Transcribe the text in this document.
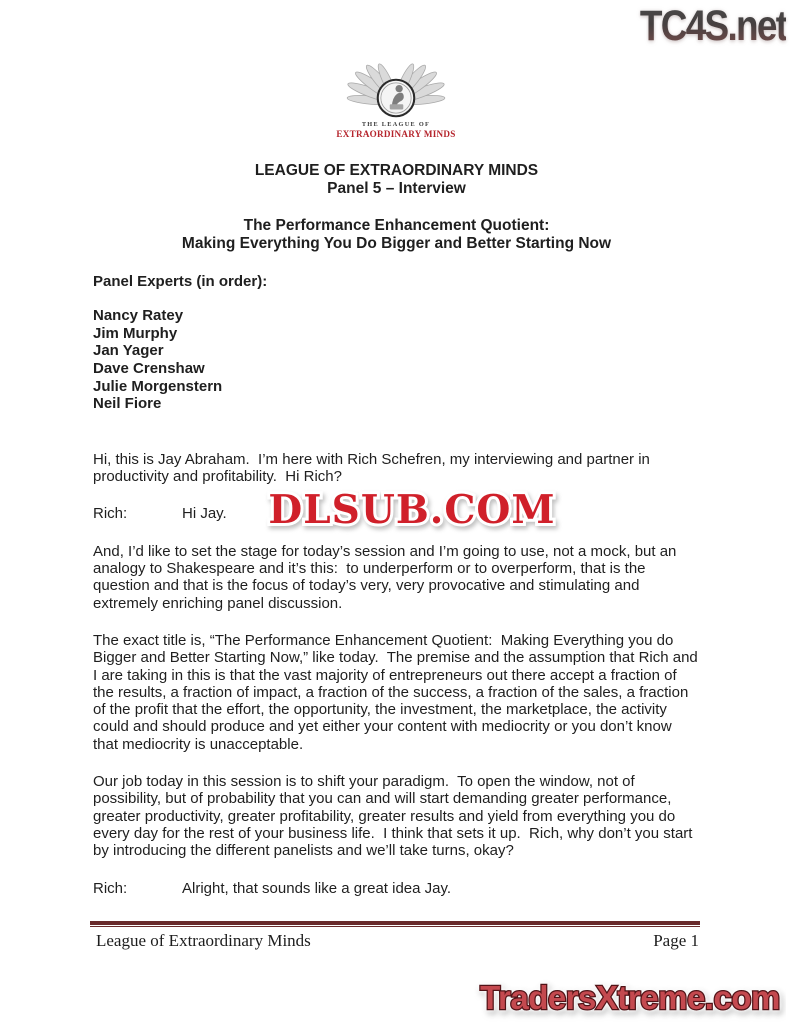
TC4S.net
THE LEAGUE OF
EXTRAORDINARY MINDS
LEAGUE OF EXTRAORDINARY MINDS
Panel 5 – Interview
The Performance Enhancement Quotient:
Making Everything You Do Bigger and Better Starting Now
Panel Experts (in order):
Nancy Ratey
Jim Murphy
Jan Yager
Dave Crenshaw
Julie Morgenstern
Neil Fiore
Hi, this is Jay Abraham.  I’m here with Rich Schefren, my interviewing and partner in productivity and profitability.  Hi Rich?
Rich:	Hi Jay.
And, I’d like to set the stage for today’s session and I’m going to use, not a mock, but an analogy to Shakespeare and it’s this:  to underperform or to overperform, that is the question and that is the focus of today’s very, very provocative and stimulating and extremely enriching panel discussion.
The exact title is, “The Performance Enhancement Quotient:  Making Everything you do Bigger and Better Starting Now,” like today.  The premise and the assumption that Rich and I are taking in this is that the vast majority of entrepreneurs out there accept a fraction of the results, a fraction of impact, a fraction of the success, a fraction of the sales, a fraction of the profit that the effort, the opportunity, the investment, the marketplace, the activity could and should produce and yet either your content with mediocrity or you don’t know that mediocrity is unacceptable.
Our job today in this session is to shift your paradigm.  To open the window, not of possibility, but of probability that you can and will start demanding greater performance, greater productivity, greater profitability, greater results and yield from everything you do every day for the rest of your business life.  I think that sets it up.  Rich, why don’t you start by introducing the different panelists and we’ll take turns, okay?
Rich:	Alright, that sounds like a great idea Jay.
DLSUB.COM
League of Extraordinary Minds	Page 1
TradersXtreme.com
